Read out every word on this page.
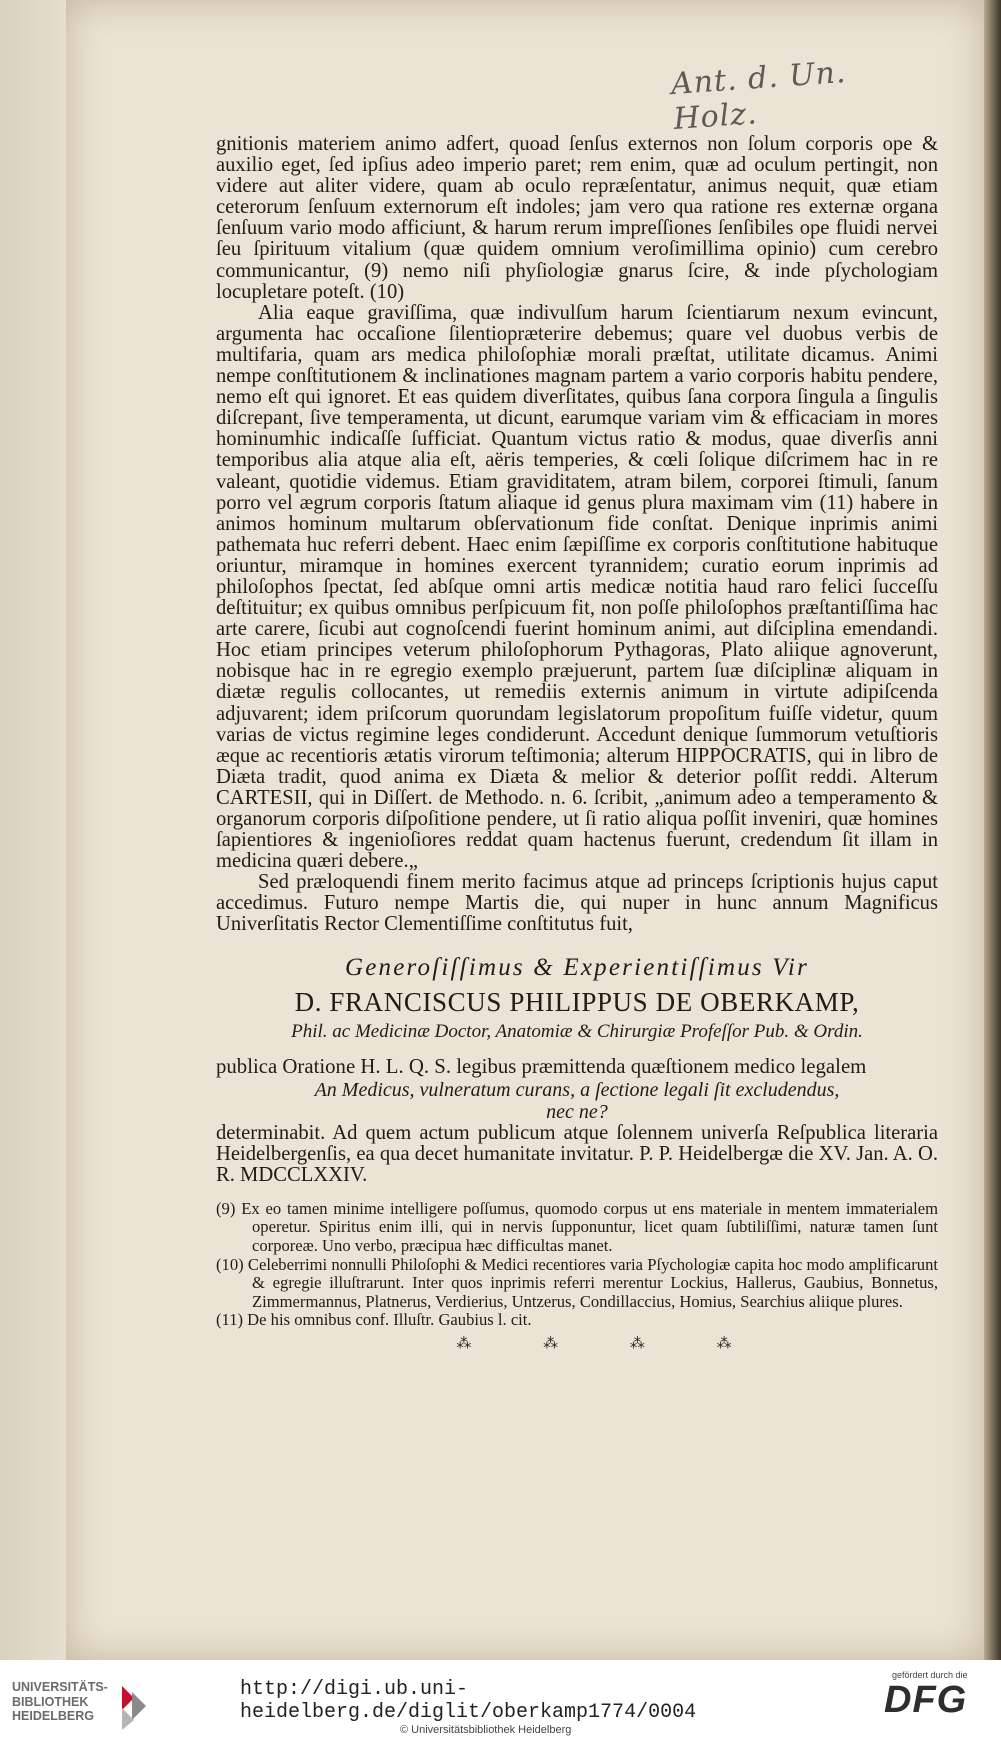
Ant. d. Un. Holz.

gnitionis materiem animo adfert, quoad ſenſus externos non ſolum corporis ope & auxilio eget, ſed ipſius adeo imperio paret; rem enim, quæ ad oculum pertingit, non videre aut aliter videre, quam ab oculo repræſentatur, animus nequit, quæ etiam ceterorum ſenſuum externorum eſt indoles; jam vero qua ratione res externæ organa ſenſuum vario modo afficiunt, & harum rerum impreſſiones ſenſibiles ope fluidi nervei ſeu ſpirituum vitalium (quæ quidem omnium veroſimillima opinio) cum cerebro communicantur, (9) nemo niſi phyſiologiæ gnarus ſcire, & inde pſychologiam locupletare poteſt. (10)

Alia eaque graviſſima, quæ indivulſum harum ſcientiarum nexum evincunt, argumenta hac occaſione ſilentiopræterire debemus; quare vel duobus verbis de multifaria, quam ars medica philoſophiæ morali præſtat, utilitate dicamus. Animi nempe conſtitutionem & inclinationes magnam partem a vario corporis habitu pendere, nemo eſt qui ignoret. Et eas quidem diverſitates, quibus ſana corpora ſingula a ſingulis diſcrepant, ſive temperamenta, ut dicunt, earumque variam vim & efficaciam in mores hominumhic indicaſſe ſufficiat. Quantum victus ratio & modus, quae diverſis anni temporibus alia atque alia eſt, aëris temperies, & cœli ſolique diſcrimem hac in re valeant, quotidie videmus. Etiam graviditatem, atram bilem, corporei ſtimuli, ſanum porro vel ægrum corporis ſtatum aliaque id genus plura maximam vim (11) habere in animos hominum multarum obſervationum fide conſtat. Denique inprimis animi pathemata huc referri debent. Haec enim ſæpiſſime ex corporis conſtitutione habituque oriuntur, miramque in homines exercent tyrannidem; curatio eorum inprimis ad philoſophos ſpectat, ſed abſque omni artis medicæ notitia haud raro felici ſucceſſu deſtituitur; ex quibus omnibus perſpicuum fit, non poſſe philoſophos præſtantiſſima hac arte carere, ſicubi aut cognoſcendi fuerint hominum animi, aut diſciplina emendandi. Hoc etiam principes veterum philoſophorum Pythagoras, Plato aliique agnoverunt, nobisque hac in re egregio exemplo præjuerunt, partem ſuæ diſciplinæ aliquam in diætæ regulis collocantes, ut remediis externis animum in virtute adipiſcenda adjuvarent; idem priſcorum quorundam legislatorum propoſitum fuiſſe videtur, quum varias de victus regimine leges condiderunt. Accedunt denique ſummorum vetuſtioris æque ac recentioris ætatis virorum teſtimonia; alterum HIPPOCRATIS, qui in libro de Diæta tradit, quod anima ex Diæta & melior & deterior poſſit reddi. Alterum CARTESII, qui in Diſſert. de Methodo. n. 6. ſcribit, „animum adeo a temperamento & organorum corporis diſpoſitione pendere, ut ſi ratio aliqua poſſit inveniri, quæ homines ſapientiores & ingenioſiores reddat quam hactenus fuerunt, credendum ſit illam in medicina quæri debere.„

Sed præloquendi finem merito facimus atque ad princeps ſcriptionis hujus caput accedimus. Futuro nempe Martis die, qui nuper in hunc annum Magnificus Univerſitatis Rector Clementiſſime conſtitutus fuit,

Generoſiſſimus & Experientiſſimus Vir
D. FRANCISCUS PHILIPPUS DE OBERKAMP,
Phil. ac Medicinæ Doctor, Anatomiæ & Chirurgiæ Profeſſor Pub. & Ordin.
publica Oratione H. L. Q. S. legibus præmittenda quæſtionem medico legalem
An Medicus, vulneratum curans, a ſectione legali ſit excludendus,
nec ne?

determinabit. Ad quem actum publicum atque ſolennem univerſa Reſpublica literaria Heidelbergenſis, ea qua decet humanitate invitatur. P. P. Heidelbergæ die XV. Jan. A. O. R. MDCCLXXIV.

(9) Ex eo tamen minime intelligere poſſumus, quomodo corpus ut ens materiale in mentem immaterialem operetur. Spiritus enim illi, qui in nervis ſupponuntur, licet quam ſubtiliſſimi, naturæ tamen ſunt corporeæ. Uno verbo, præcipua hæc difficultas manet.

(10) Celeberrimi nonnulli Philoſophi & Medici recentiores varia Pſychologiæ capita hoc modo amplificarunt & egregie illuſtrarunt. Inter quos inprimis referri merentur Lockius, Hallerus, Gaubius, Bonnetus, Zimmermannus, Platnerus, Verdierius, Untzerus, Condillaccius, Homius, Searchius aliique plures.

(11) De his omnibus conf. Illuſtr. Gaubius l. cit.

⁂	⁂	⁂	⁂
UNIVERSITÄTS-
BIBLIOTHEK
HEIDELBERG
http://digi.ub.uni-heidelberg.de/diglit/oberkamp1774/0004
© Universitätsbibliothek Heidelberg
gefördert durch die
DFG
